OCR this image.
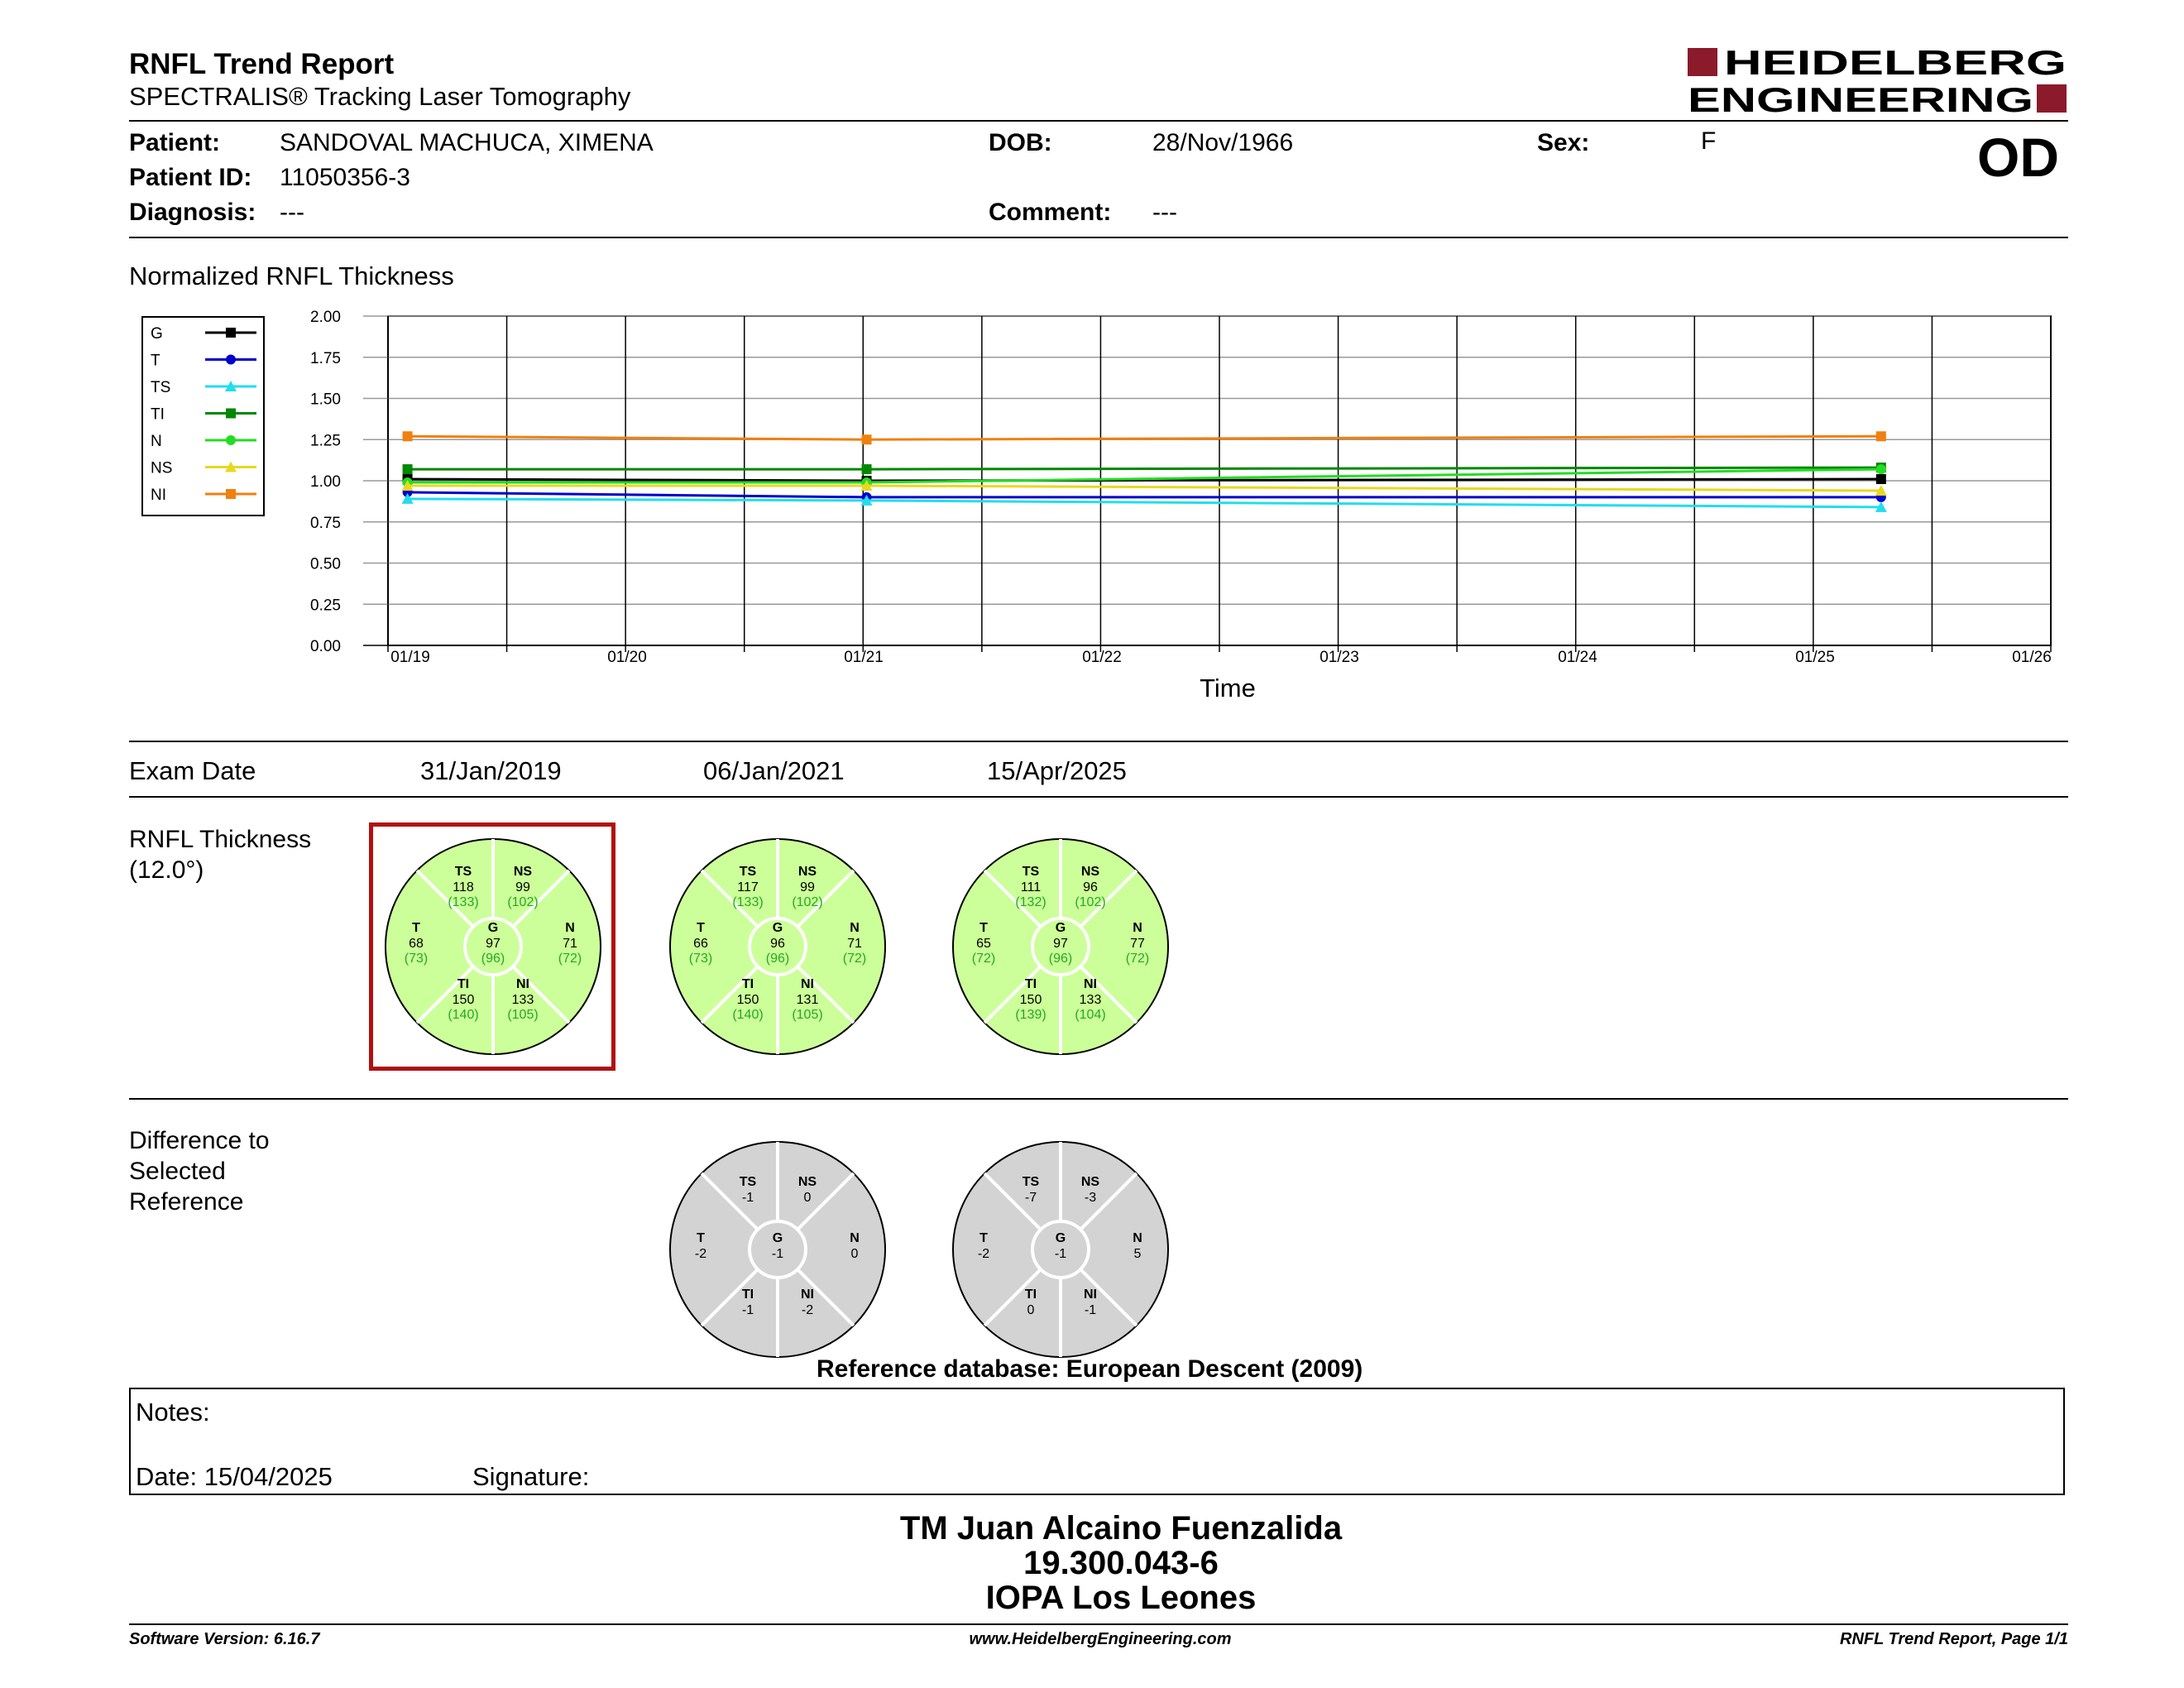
RNFL Trend Report
SPECTRALIS® Tracking Laser Tomography
HEIDELBERG
ENGINEERING
Patient: SANDOVAL MACHUCA, XIMENA
Patient ID: 11050356-3
Diagnosis: ---
DOB:	28/Nov/1966
Comment: ---
Sex:	F	OD
Normalized RNFL Thickness
0.00
0.25
0.50
0.75
1.00
1.25
1.50
1.75
2.00
01/19	01/20	01/21	01/22	01/23	01/24	01/25	01/26
G
T
TS
TI
N
NS
NI
Time
Exam Date	31/Jan/2019	06/Jan/2021	15/Apr/2025
RNFL Thickness
(12.0°)	TS
118
(133)
NS
99
(102)
T
68
(73)
G
97
(96)
N
71
(72)
TI
150
(140)
NI
133
(105)
TS
117
(133)
NS
99
(102)
T
66
(73)
G
96
(96)
N
71
(72)
TI
150
(140)
NI
131
(105)
TS
111
(132)
NS
96
(102)
T
65
(72)
G
97
(96)
N
77
(72)
TI
150
(139)
NI
133
(104)
TS
-1
NS
0
T
-2
G
-1
N
0
TI
-1
NI
-2
TS
-7
NS
-3
T
-2
G
-1
N
5
TI
0
NI
-1
Difference to
Selected
Reference
Reference database: European Descent (2009)
Notes:
Date: 15/04/2025	Signature:
TM Juan Alcaino Fuenzalida
19.300.043-6
IOPA Los Leones
Software Version: 6.16.7	www.HeidelbergEngineering.com	RNFL Trend Report, Page 1/1
